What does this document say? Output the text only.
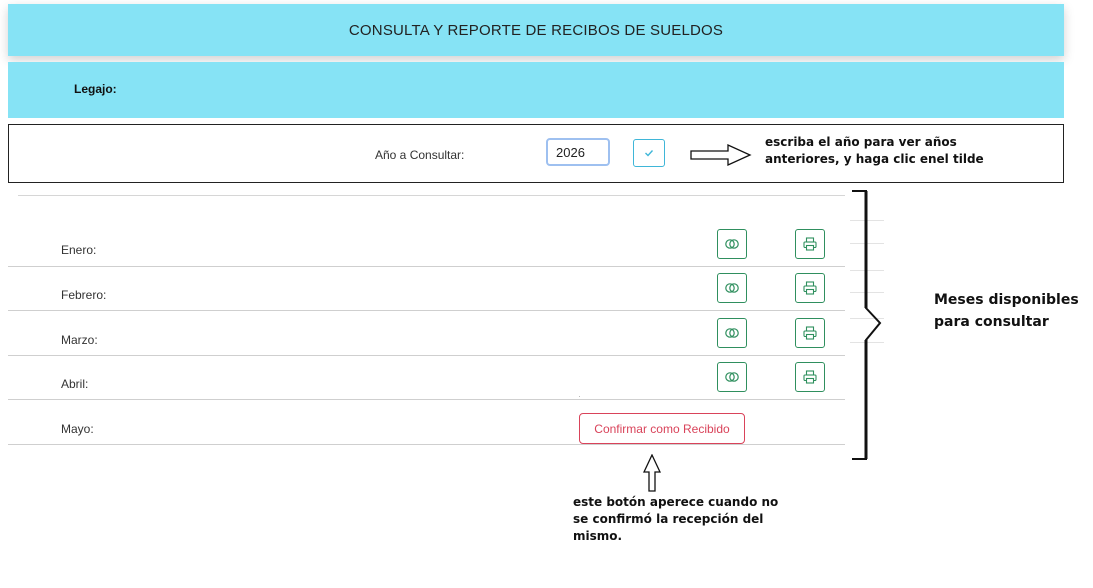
CONSULTA Y REPORTE DE RECIBOS DE SUELDOS
Legajo:
Año a Consultar:
2026
escriba el año para ver años anteriores, y haga clic enel tilde
Enero:
Febrero:
Marzo:
Abril:
Mayo:	Confirmar como Recibido
Meses disponibles para consultar
este botón aperece cuando no se confirmó la recepción del mismo.
